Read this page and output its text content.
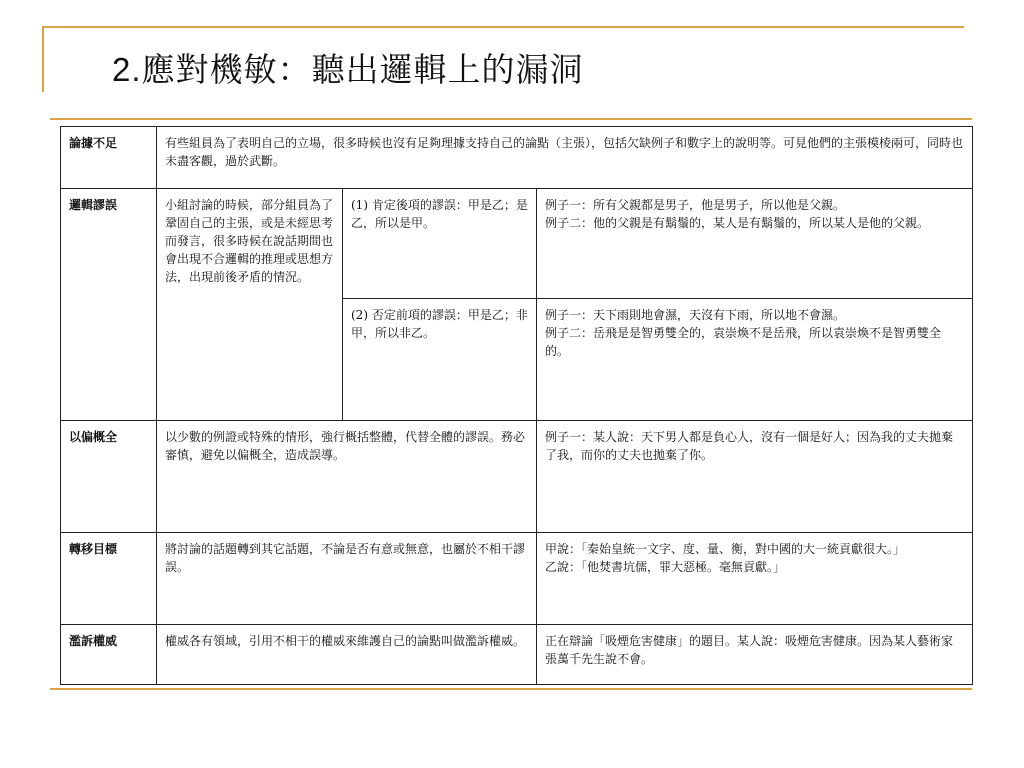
2.應對機敏：聽出邏輯上的漏洞
論據不足	有些組員為了表明自己的立場，很多時候也沒有足夠理據支持自己的論點（主張），包括欠缺例子和數字上的說明等。可見他們的主張模棱兩可，同時也未盡客觀，過於武斷。		
邏輯謬誤	小組討論的時候，部分組員為了鞏固自己的主張，或是未經思考而發言，很多時候在說話期間也會出現不合邏輯的推理或思想方法，出現前後矛盾的情況。	(1) 肯定後項的謬誤：甲是乙；是乙，所以是甲。	例子一：所有父親都是男子，他是男子，所以他是父親。
例子二：他的父親是有鬍鬚的，某人是有鬍鬚的，所以某人是他的父親。

		(2) 否定前項的謬誤：甲是乙；非甲，所以非乙。	例子一：天下雨則地會濕，天沒有下雨，所以地不會濕。
例子二：岳飛是是智勇雙全的，袁崇煥不是岳飛，所以袁崇煥不是智勇雙全的。

以偏概全	以少數的例證或特殊的情形，強行概括整體，代替全體的謬誤。務必審慎，避免以偏概全，造成誤導。		例子一：某人說：天下男人都是負心人，沒有一個是好人；因為我的丈夫拋棄了我，而你的丈夫也拋棄了你。
轉移目標	將討論的話題轉到其它話題，不論是否有意或無意，也屬於不相干謬誤。		甲說：「秦始皇統一文字、度、量、衡，對中國的大一統貢獻很大。」
乙說：「他焚書坑儒，罪大惡極。毫無貢獻。」

濫訴權威	權威各有領域，引用不相干的權威來維護自己的論點叫做濫訴權威。		正在辯論「吸煙危害健康」的題目。某人說：吸煙危害健康。因為某人藝術家張萬千先生說不會。
